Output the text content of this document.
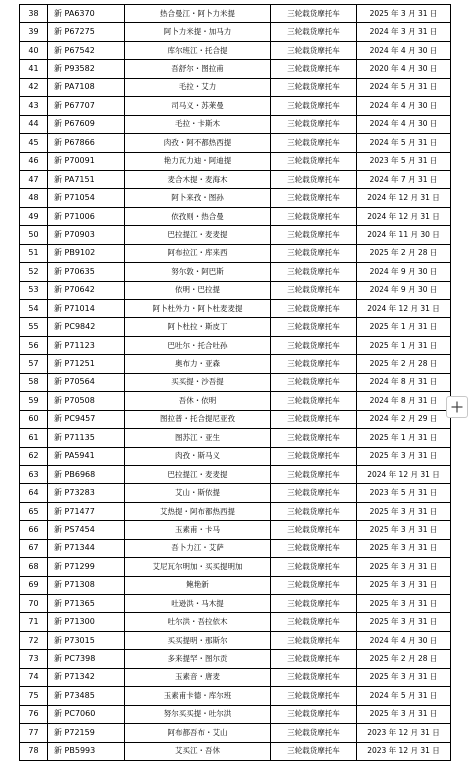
38	新 PA6370	热合曼江・阿卜力米提	三轮载货摩托车	2025 年 3 月 31 日
39	新 P67275	阿卜力米提・加马力	三轮载货摩托车	2024 年 3 月 31 日
40	新 P67542	库尔班江・托合提	三轮载货摩托车	2024 年 4 月 30 日
41	新 P93582	吾舒尔・图拉甫	三轮载货摩托车	2020 年 4 月 30 日
42	新 PA7108	毛拉・艾力	三轮载货摩托车	2024 年 5 月 31 日
43	新 P67707	司马义・苏莱曼	三轮载货摩托车	2024 年 4 月 30 日
44	新 P67609	毛拉・卡斯木	三轮载货摩托车	2024 年 4 月 30 日
45	新 P67866	肉孜・阿不都热西提	三轮载货摩托车	2024 年 5 月 31 日
46	新 P70091	艳力瓦力迪・阿迪提	三轮载货摩托车	2023 年 5 月 31 日
47	新 PA7151	麦合木提・麦海木	三轮载货摩托车	2024 年 7 月 31 日
48	新 P71054	阿卜来孜・图孙	三轮载货摩托车	2024 年 12 月 31 日
49	新 P71006	依孜则・热合曼	三轮载货摩托车	2024 年 12 月 31 日
50	新 P70903	巴拉提江・麦麦提	三轮载货摩托车	2024 年 11 月 30 日
51	新 PB9102	阿布拉江・库来西	三轮载货摩托车	2025 年 2 月 28 日
52	新 P70635	努尔敦・阿巴斯	三轮载货摩托车	2024 年 9 月 30 日
53	新 P70642	依明・巴拉提	三轮载货摩托车	2024 年 9 月 30 日
54	新 P71014	阿卜杜外力・阿卜杜麦麦提	三轮载货摩托车	2024 年 12 月 31 日
55	新 PC9842	阿卜杜拉・斯皮丁	三轮载货摩托车	2025 年 1 月 31 日
56	新 P71123	巴吐尔・托合吐孙	三轮载货摩托车	2025 年 1 月 31 日
57	新 P71251	奥布力・亚森	三轮载货摩托车	2025 年 2 月 28 日
58	新 P70564	买买提・沙吾提	三轮载货摩托车	2024 年 8 月 31 日
59	新 P70508	吾休・依明	三轮载货摩托车	2024 年 8 月 31 日
60	新 PC9457	图拉普・托合提尼亚孜	三轮载货摩托车	2024 年 2 月 29 日
61	新 P71135	图苏江・亚生	三轮载货摩托车	2025 年 1 月 31 日
62	新 PA5941	肉孜・斯马义	三轮载货摩托车	2025 年 3 月 31 日
63	新 PB6968	巴拉提江・麦麦提	三轮载货摩托车	2024 年 12 月 31 日
64	新 P73283	艾山・斯依提	三轮载货摩托车	2023 年 5 月 31 日
65	新 P71477	艾热提・阿布都热西提	三轮载货摩托车	2025 年 3 月 31 日
66	新 PS7454	玉素甫・卡马	三轮载货摩托车	2025 年 3 月 31 日
67	新 P71344	吾卜力江・艾萨	三轮载货摩托车	2025 年 3 月 31 日
68	新 P71299	艾尼瓦尔明加・买买提明加	三轮载货摩托车	2025 年 3 月 31 日
69	新 P71308	鲍艳新	三轮载货摩托车	2025 年 3 月 31 日
70	新 P71365	吐逊洪・马木提	三轮载货摩托车	2025 年 3 月 31 日
71	新 P71300	吐尔洪・吾拉依木	三轮载货摩托车	2025 年 3 月 31 日
72	新 P73015	买买提明・那斯尔	三轮载货摩托车	2024 年 4 月 30 日
73	新 PC7398	多来提罕・图尔贡	三轮载货摩托车	2025 年 2 月 28 日
74	新 P71342	玉素音・唐麦	三轮载货摩托车	2025 年 3 月 31 日
75	新 P73485	玉素甫卡德・库尔班	三轮载货摩托车	2024 年 5 月 31 日
76	新 PC7060	努尔买买提・吐尔洪	三轮载货摩托车	2025 年 3 月 31 日
77	新 P72159	阿布都吾布・艾山	三轮载货摩托车	2023 年 12 月 31 日
78	新 PB5993	艾买江・吾休	三轮载货摩托车	2023 年 12 月 31 日
